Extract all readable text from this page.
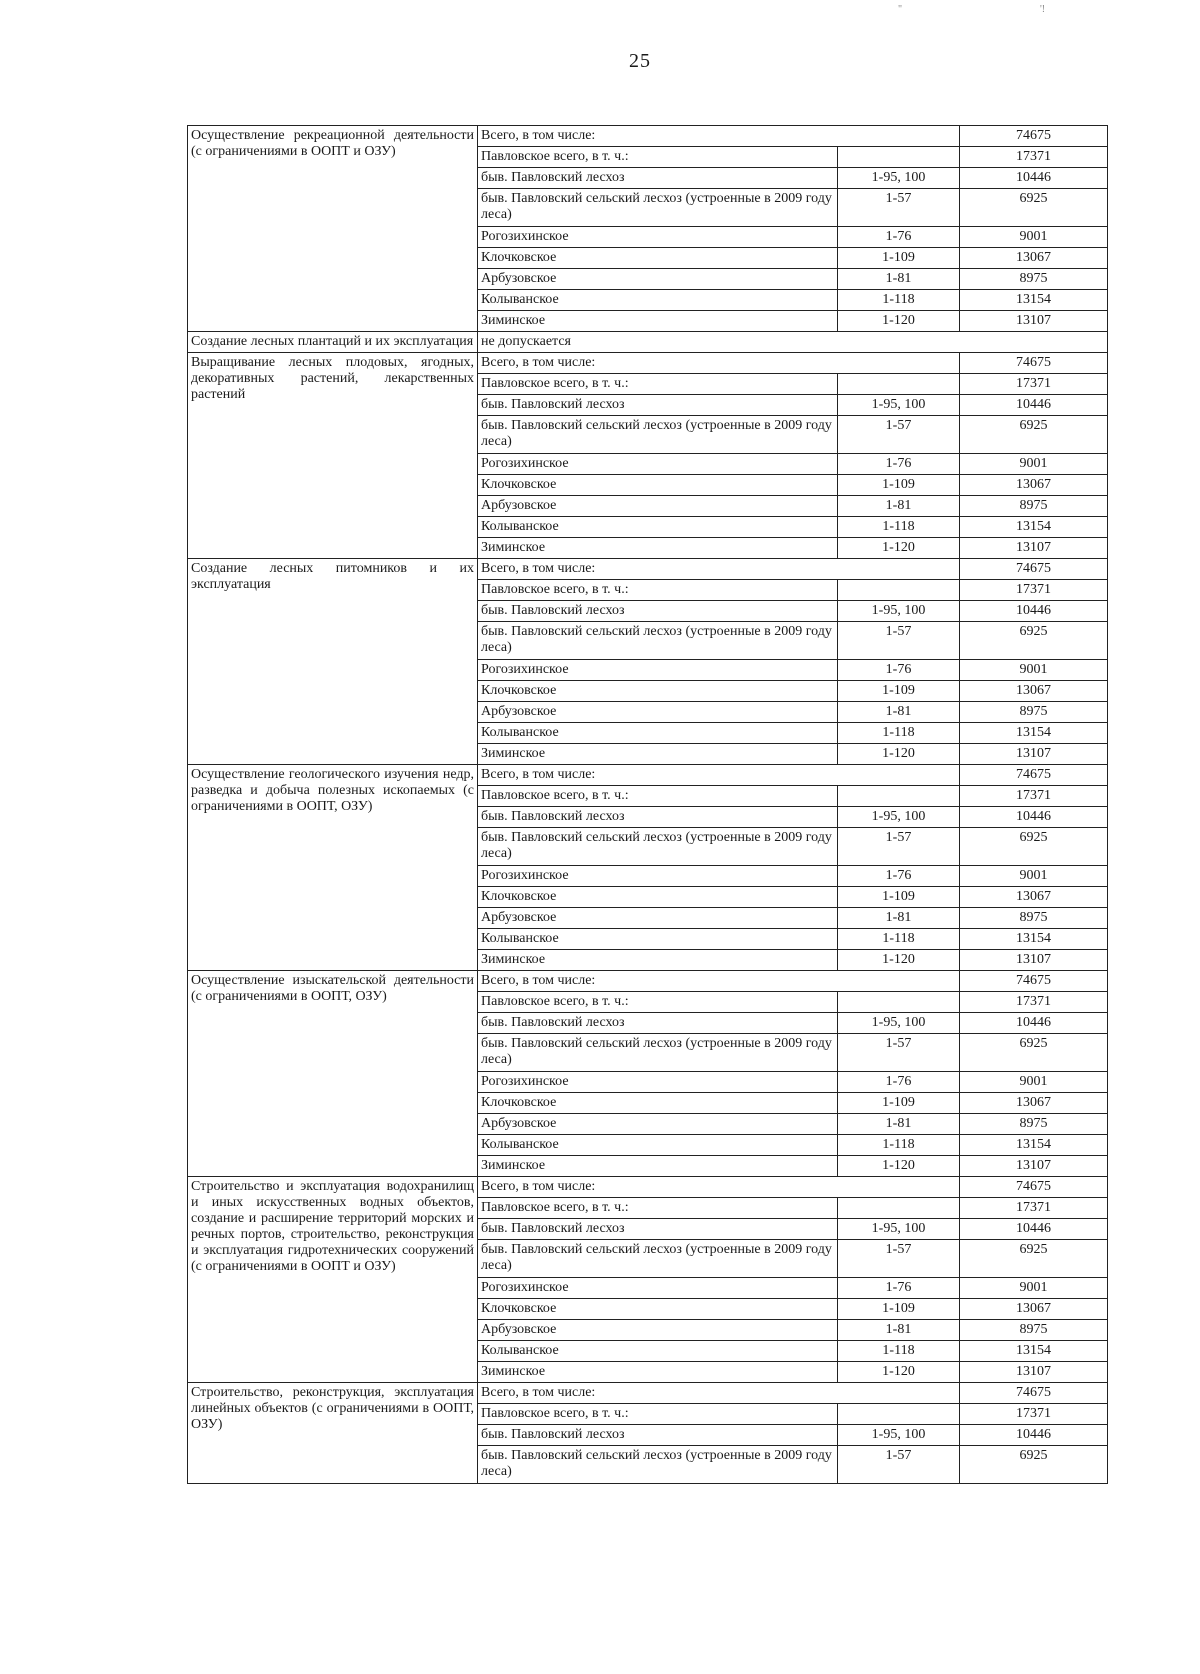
"	'!
25
Осуществление рекреационной деятельности (с ограничениями в ООПТ и ОЗУ)	Всего, в том числе:		74675
	Павловское всего, в т. ч.:		17371
	быв. Павловский лесхоз	1-95, 100	10446
	быв. Павловский сельский лесхоз (устроенные в 2009 году леса)	1-57	6925
	Рогозихинское	1-76	9001
	Клочковское	1-109	13067
	Арбузовское	1-81	8975
	Колыванское	1-118	13154
	Зиминское	1-120	13107
Создание лесных плантаций и их эксплуатация	не допускается		
Выращивание лесных плодовых, ягодных, декоративных растений, лекарственных растений	Всего, в том числе:		74675
	Павловское всего, в т. ч.:		17371
	быв. Павловский лесхоз	1-95, 100	10446
	быв. Павловский сельский лесхоз (устроенные в 2009 году леса)	1-57	6925
	Рогозихинское	1-76	9001
	Клочковское	1-109	13067
	Арбузовское	1-81	8975
	Колыванское	1-118	13154
	Зиминское	1-120	13107
Создание лесных питомников и их эксплуатация	Всего, в том числе:		74675
	Павловское всего, в т. ч.:		17371
	быв. Павловский лесхоз	1-95, 100	10446
	быв. Павловский сельский лесхоз (устроенные в 2009 году леса)	1-57	6925
	Рогозихинское	1-76	9001
	Клочковское	1-109	13067
	Арбузовское	1-81	8975
	Колыванское	1-118	13154
	Зиминское	1-120	13107
Осуществление геологического изучения недр, разведка и добыча полезных ископаемых (с ограничениями в ООПТ, ОЗУ)	Всего, в том числе:		74675
	Павловское всего, в т. ч.:		17371
	быв. Павловский лесхоз	1-95, 100	10446
	быв. Павловский сельский лесхоз (устроенные в 2009 году леса)	1-57	6925
	Рогозихинское	1-76	9001
	Клочковское	1-109	13067
	Арбузовское	1-81	8975
	Колыванское	1-118	13154
	Зиминское	1-120	13107
Осуществление изыскательской деятельности (с ограничениями в ООПТ, ОЗУ)	Всего, в том числе:		74675
	Павловское всего, в т. ч.:		17371
	быв. Павловский лесхоз	1-95, 100	10446
	быв. Павловский сельский лесхоз (устроенные в 2009 году леса)	1-57	6925
	Рогозихинское	1-76	9001
	Клочковское	1-109	13067
	Арбузовское	1-81	8975
	Колыванское	1-118	13154
	Зиминское	1-120	13107
Строительство и эксплуатация водохранилищ и иных искусственных водных объектов, создание и расширение территорий морских и речных портов, строительство, реконструкция и эксплуатация гидротехнических сооружений (с ограничениями в ООПТ и ОЗУ)	Всего, в том числе:		74675
	Павловское всего, в т. ч.:		17371
	быв. Павловский лесхоз	1-95, 100	10446
	быв. Павловский сельский лесхоз (устроенные в 2009 году леса)	1-57	6925
	Рогозихинское	1-76	9001
	Клочковское	1-109	13067
	Арбузовское	1-81	8975
	Колыванское	1-118	13154
	Зиминское	1-120	13107
Строительство, реконструкция, эксплуатация линейных объектов (с ограничениями в ООПТ, ОЗУ)	Всего, в том числе:		74675
	Павловское всего, в т. ч.:		17371
	быв. Павловский лесхоз	1-95, 100	10446
	быв. Павловский сельский лесхоз (устроенные в 2009 году леса)	1-57	6925
